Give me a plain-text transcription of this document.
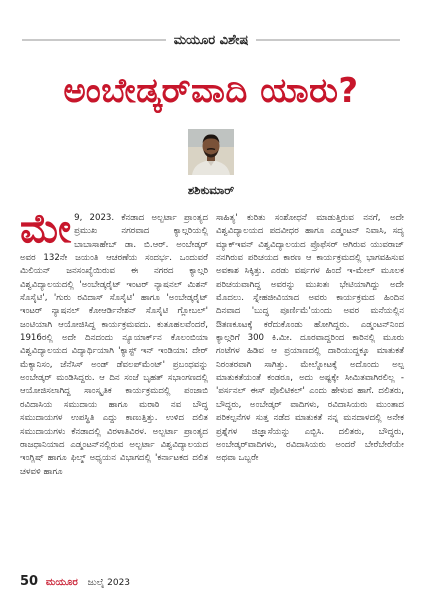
ಮಯೂರ ವಿಶೇಷ
ಅಂಬೇಡ್ಕರ್‌ವಾದಿ ಯಾರು?
ಶಶಿಕುಮಾರ್
ಮೇ 9, 2023. ಕೆನಡಾದ ಅಲ್ಬರ್ಟಾ ಪ್ರಾಂತ್ಯದ ಪ್ರಮುಖ ನಗರವಾದ ಕ್ಯಾಲ್ಗರಿಯಲ್ಲಿ ಬಾಬಾಸಾಹೇಬ್ ಡಾ. ಬಿ.ಆರ್. ಅಂಬೇಡ್ಕರ್ ಅವರ 132ನೇ ಜಯಂತಿ ಆಚರಣೆಯ ಸಂದರ್ಭ. ಒಂದುವರೆ ಮಿಲಿಯನ್ ಜನಸಂಖ್ಯೆಯಿರುವ ಈ ನಗರದ ಕ್ಯಾಲ್ಗರಿ ವಿಶ್ವವಿದ್ಯಾಲಯದಲ್ಲಿ 'ಅಂಬೇಡ್ಕರೈಟ್ ಇಂಟರ್ ನ್ಯಾಷನಲ್ ಮಿಶನ್ ಸೊಸೈಟಿ', 'ಗುರು ರವಿದಾಸ್ ಸೊಸೈಟಿ' ಹಾಗೂ 'ಅಂಬೇಡ್ಕರೈಟ್ ಇಂಟರ್ ನ್ಯಾಷನಲ್ ಕೋಆರ್ಡಿನೇಶನ್ ಸೊಸೈಟಿ ಗ್ಲೋಬಲ್' ಜಂಟಿಯಾಗಿ ಆಯೋಜಿಸಿದ್ದ ಕಾರ್ಯಕ್ರಮವದು. ಕುತೂಹಲವೆಂದರೆ, 1916ರಲ್ಲಿ ಅದೇ ದಿನದಂದು ನ್ಯೂಯಾರ್ಕ್‌ನ ಕೊಲಂಬಿಯಾ ವಿಶ್ವವಿದ್ಯಾಲಯದ ವಿದ್ಯಾರ್ಥಿಯಾಗಿ 'ಕ್ಯಾಸ್ಟ್ ಇನ್ ಇಂಡಿಯಾ: ದೇರ್ ಮೆಕ್ಯಾನಿಸಂ, ಜೆನೆಸಿಸ್ ಅಂಡ್ ಡೆವಲಪ್‌ಮೆಂಟ್' ಪ್ರಬಂಧವನ್ನು ಅಂಬೇಡ್ಕರ್ ಮಂಡಿಸಿದ್ದರು. ಆ ದಿನ ಸಂಜೆ ಬೃಹತ್ ಸಭಾಂಗಣದಲ್ಲಿ ಆಯೋಜಿಸಲಾಗಿದ್ದ ಸಾಂಸ್ಕೃತಿಕ ಕಾರ್ಯಕ್ರಮದಲ್ಲಿ ಪಂಜಾಬಿ ರವಿದಾಸಿಯ ಸಮುದಾಯ ಹಾಗೂ ಮರಾಠಿ ನವ ಬೌದ್ಧ ಸಮುದಾಯಗಳ ಉಪಸ್ಥಿತಿ ಎದ್ದು ಕಾಣುತ್ತಿತ್ತು. ಉಳಿದ ದಲಿತ ಸಮುದಾಯಗಳು ಕೆನಡಾದಲ್ಲಿ ವಿರಳಾತಿವಿರಳ. ಅಲ್ಬರ್ಟಾ ಪ್ರಾಂತ್ಯದ ರಾಜಧಾನಿಯಾದ ಎಡ್ಮಂಟನ್‌ನಲ್ಲಿರುವ ಅಲ್ಬರ್ಟಾ ವಿಶ್ವವಿದ್ಯಾಲಯದ ಇಂಗ್ಲಿಷ್ ಹಾಗೂ ಫಿಲ್ಮ್ ಅಧ್ಯಯನ ವಿಭಾಗದಲ್ಲಿ 'ಕರ್ನಾಟಕದ ದಲಿತ ಚಳವಳಿ ಹಾಗೂ
ಸಾಹಿತ್ಯ' ಕುರಿತು ಸಂಶೋಧನೆ ಮಾಡುತ್ತಿರುವ ನನಗೆ, ಅದೇ ವಿಶ್ವವಿದ್ಯಾಲಯದ ಪದವೀಧರ ಹಾಗೂ ಎಡ್ಮಂಟನ್ ನಿವಾಸಿ, ಸದ್ಯ ಮ್ಯಾಕ್‌ಇವನ್ ವಿಶ್ವವಿದ್ಯಾಲಯದ ಪ್ರೊಫೆಸರ್ ಆಗಿರುವ ಯುವರಾಜ್ ನನಗಿರುವ ಪರಿಚಯದ ಕಾರಣ ಆ ಕಾರ್ಯಕ್ರಮದಲ್ಲಿ ಭಾಗವಹಿಸುವ ಅವಕಾಶ ಸಿಕ್ಕಿತ್ತು. ಎರಡು ವರ್ಷಗಳ ಹಿಂದೆ ಇ-ಮೇಲ್ ಮೂಲಕ ಪರಿಚಯವಾಗಿದ್ದ ಅವರನ್ನು ಮುಖತಃ ಭೇಟಿಯಾಗಿದ್ದು ಅದೇ ಮೊದಲು. ಸ್ನೇಹಜೀವಿಯಾದ ಅವರು ಕಾರ್ಯಕ್ರಮದ ಹಿಂದಿನ ದಿನವಾದ 'ಬುದ್ಧ ಪೂರ್ಣಿಮೆ'ಯಂದು ಅವರ ಮನೆಯಲ್ಲಿನ ಔತಣಕೂಟಕ್ಕೆ ಕರೆದುಕೊಂಡು ಹೋಗಿದ್ದರು. ಎಡ್ಮಂಟನ್‌ನಿಂದ ಕ್ಯಾಲ್ಗರಿಗೆ 300 ಕಿ.ಮೀ. ದೂರವಾದ್ದರಿಂದ ಕಾರಿನಲ್ಲಿ ಮೂರು ಗಂಟೆಗಳ ಹಿಡಿವ ಆ ಪ್ರಯಾಣದಲ್ಲಿ ದಾರಿಯುದ್ದಕ್ಕೂ ಮಾತುಕತೆ ನಿರಂತರವಾಗಿ ಸಾಗಿತ್ತು. ಮೇಲ್ನೋಟಕ್ಕೆ ಅದೊಂದು ಅಲ್ಪ ಮಾತುಕತೆಯಂತೆ ಕಂಡರೂ, ಅದು ಅಷ್ಟಕ್ಕೇ ಸೀಮಿತವಾಗಿರಲಿಲ್ಲ - 'ಪರ್ಸನಲ್ ಈಸ್ ಪೊಲಿಟಿಕಲ್' ಎಂದು ಹೇಳುವ ಹಾಗೆ. ದಲಿತರು, ಬೌದ್ಧರು, ಅಂಬೇಡ್ಕರ್ ವಾದಿಗಳು, ರವಿದಾಸಿಯರು ಮುಂತಾದ ಪರಿಕಲ್ಪನೆಗಳ ಸುತ್ತ ನಡೆದ ಮಾತುಕತೆ ನನ್ನ ಮನದಾಳದಲ್ಲಿ ಅನೇಕ ಪ್ರಶ್ನೆಗಳ ಜಿಜ್ಞಾಸೆಯನ್ನು ಎಬ್ಬಿಸಿ. ದಲಿತರು, ಬೌದ್ಧರು, ಅಂಬೇಡ್ಕರ್‌ವಾದಿಗಳು, ರವಿದಾಸಿಯರು ಅಂದರೆ ಬೇರೆಬೇರೆಯೇ ಅಥವಾ ಒಬ್ಬರೇ
50 ಮಯೂರ ಜುಲೈ 2023
